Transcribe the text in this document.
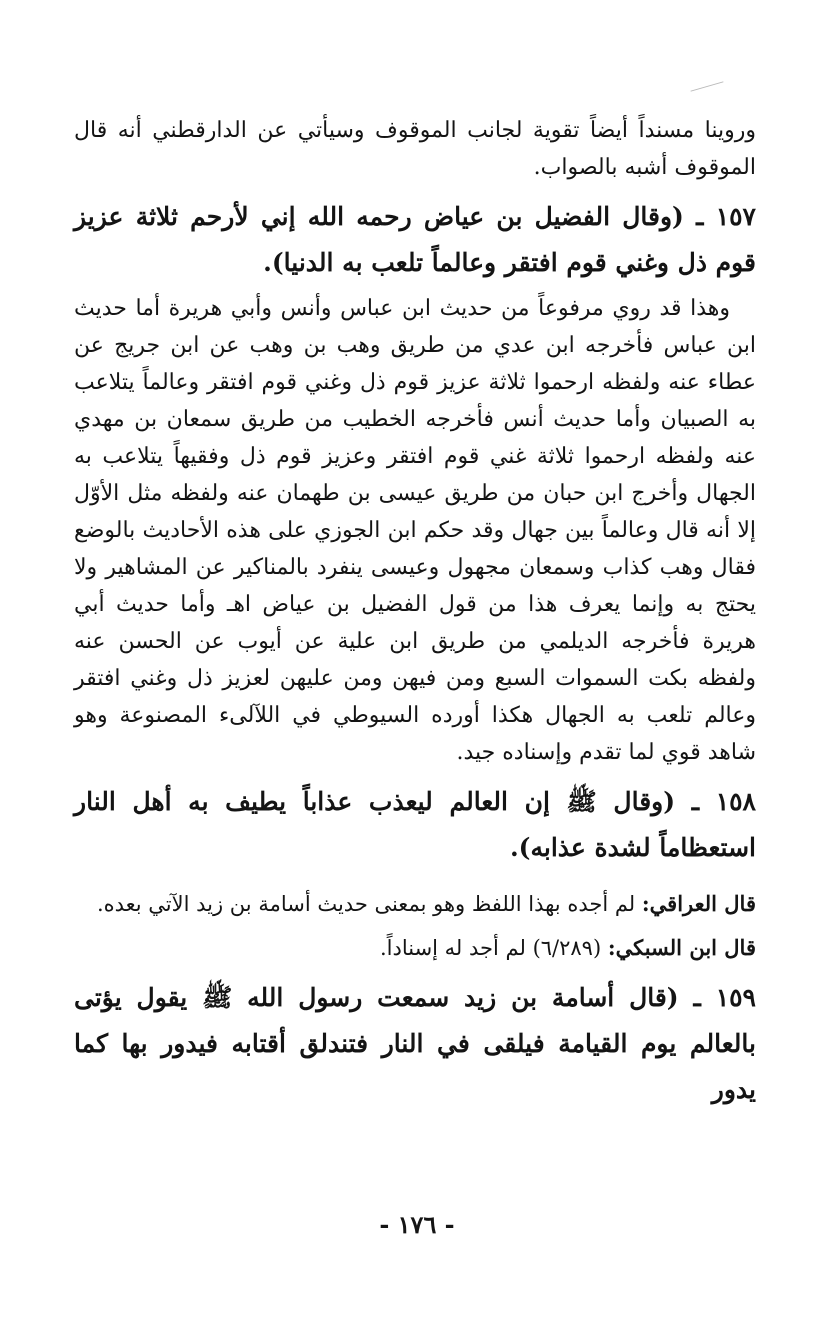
وروينا مسنداً أيضاً تقوية لجانب الموقوف وسيأتي عن الدارقطني أنه قال الموقوف أشبه بالصواب.

١٥٧ ـ (وقال الفضيل بن عياض رحمه الله إني لأرحم ثلاثة عزيز قوم ذل وغني قوم افتقر وعالماً تلعب به الدنيا).

وهذا قد روي مرفوعاً من حديث ابن عباس وأنس وأبي هريرة أما حديث ابن عباس فأخرجه ابن عدي من طريق وهب بن وهب عن ابن جريج عن عطاء عنه ولفظه ارحموا ثلاثة عزيز قوم ذل وغني قوم افتقر وعالماً يتلاعب به الصبيان وأما حديث أنس فأخرجه الخطيب من طريق سمعان بن مهدي عنه ولفظه ارحموا ثلاثة غني قوم افتقر وعزيز قوم ذل وفقيهاً يتلاعب به الجهال وأخرج ابن حبان من طريق عيسى بن طهمان عنه ولفظه مثل الأوّل إلا أنه قال وعالماً بين جهال وقد حكم ابن الجوزي على هذه الأحاديث بالوضع فقال وهب كذاب وسمعان مجهول وعيسى ينفرد بالمناكير عن المشاهير ولا يحتج به وإنما يعرف هذا من قول الفضيل بن عياض اهـ وأما حديث أبي هريرة فأخرجه الديلمي من طريق ابن علية عن أيوب عن الحسن عنه ولفظه بكت السموات السبع ومن فيهن ومن عليهن لعزيز ذل وغني افتقر وعالم تلعب به الجهال هكذا أورده السيوطي في اللآلىء المصنوعة وهو شاهد قوي لما تقدم وإسناده جيد.

١٥٨ ـ (وقال ﷺ إن العالم ليعذب عذاباً يطيف به أهل النار استعظاماً لشدة عذابه).

قال العراقي: لم أجده بهذا اللفظ وهو بمعنى حديث أسامة بن زيد الآتي بعده.

قال ابن السبكي: (٦/٢٨٩) لم أجد له إسناداً.

١٥٩ ـ (قال أسامة بن زيد سمعت رسول الله ﷺ يقول يؤتى بالعالم يوم القيامة فيلقى في النار فتندلق أقتابه فيدور بها كما يدور

- ١٧٦ -
